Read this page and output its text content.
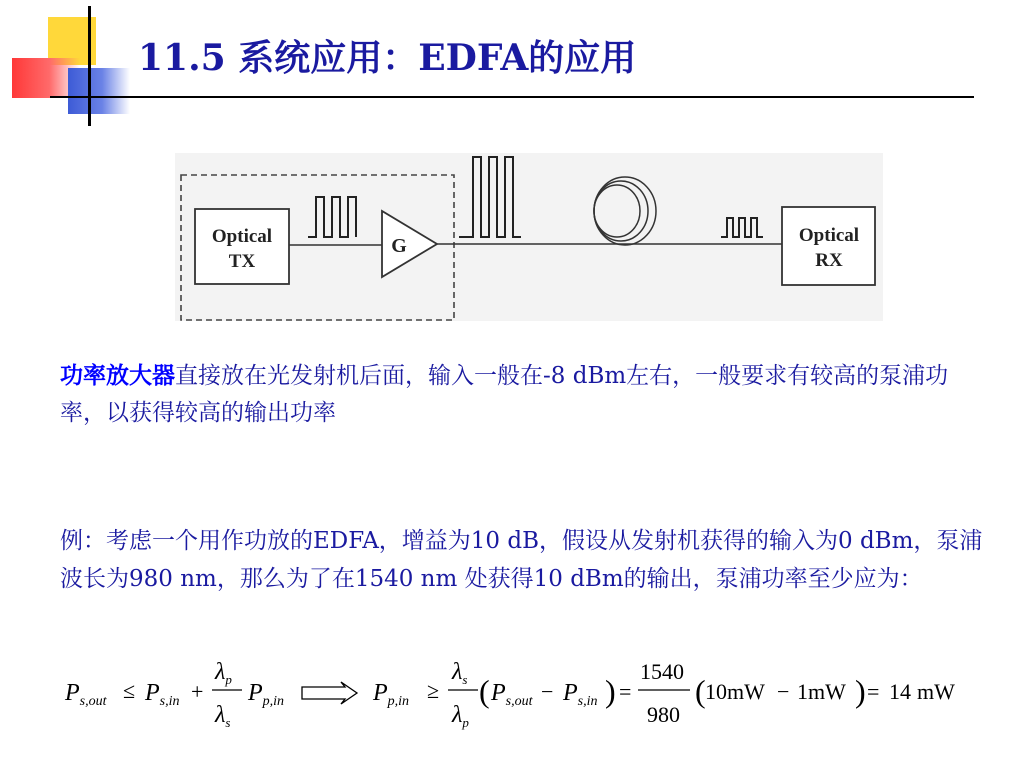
11.5 系统应用：EDFA的应用
Optical
TX
G	Optical
RX

功率放大器直接放在光发射机后面，输入一般在-8 dBm左右，一般要求有较高的泵浦功率，以获得较高的输出功率

例：考虑一个用作功放的EDFA，增益为10 dB，假设从发射机获得的输入为0 dBm，泵浦波长为980 nm，那么为了在1540 nm 处获得10 dBm的输出，泵浦功率至少应为：

$P_{s,out} \le P_{s,in}$ +
$\lambda_p$
$\lambda_s$
$P_{p,in}$	$P_{p,in}$ ≥
$\lambda_s$
$\lambda_p$
( $P_{s,out} - P_{s,in}$ ) =
1540
980
( 10mW − 1mW ) = 14 mW
